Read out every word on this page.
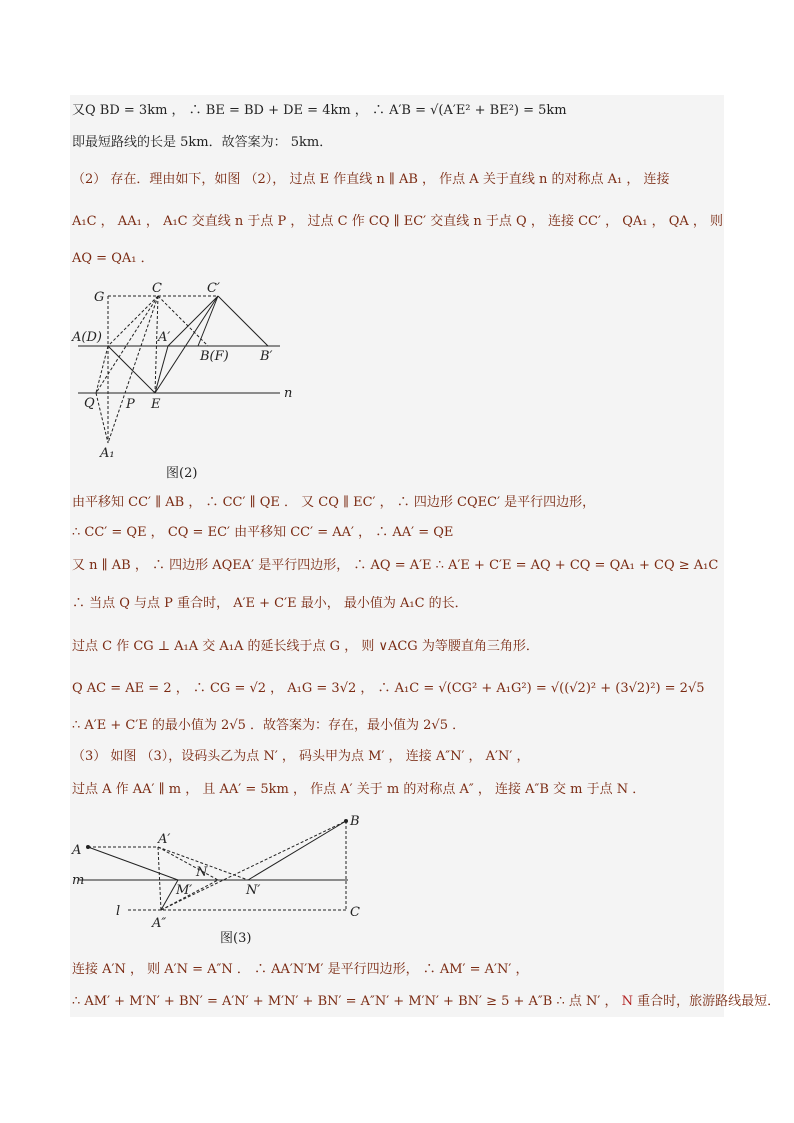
又Q BD = 3km ， ∴ BE = BD + DE = 4km ， ∴ A′B = √(A′E² + BE²) = 5km
即最短路线的长是 5km．故答案为： 5km．
（2） 存在．理由如下，如图 （2）， 过点 E 作直线 n ∥ AB ， 作点 A 关于直线 n 的对称点 A₁ ， 连接
A₁C ， AA₁ ， A₁C 交直线 n 于点 P ， 过点 C 作 CQ ∥ EC′ 交直线 n 于点 Q ， 连接 CC′ ， QA₁ ， QA ， 则
AQ = QA₁ ．
G
C	C′
A(D)	A′
B(F) B′
Q P E
n
A₁
图(2)
由平移知 CC′ ∥ AB ， ∴ CC′ ∥ QE ． 又 CQ ∥ EC′ ， ∴ 四边形 CQEC′ 是平行四边形，
∴ CC′ = QE ， CQ = EC′ 由平移知 CC′ = AA′ ， ∴ AA′ = QE
又 n ∥ AB ， ∴ 四边形 AQEA′ 是平行四边形， ∴ AQ = A′E ∴ A′E + C′E = AQ + CQ = QA₁ + CQ ≥ A₁C
∴ 当点 Q 与点 P 重合时， A′E + C′E 最小， 最小值为 A₁C 的长．
过点 C 作 CG ⊥ A₁A 交 A₁A 的延长线于点 G ， 则 ∨ACG 为等腰直角三角形．
Q AC = AE = 2 ， ∴ CG = √2 ， A₁G = 3√2 ， ∴ A₁C = √(CG² + A₁G²) = √((√2)² + (3√2)²) = 2√5
∴ A′E + C′E 的最小值为 2√5 ．故答案为：存在，最小值为 2√5 ．
（3） 如图 （3），设码头乙为点 N′ ， 码头甲为点 M′ ， 连接 A″N′ ， A′N′ ，
过点 A 作 AA′ ∥ m ， 且 AA′ = 5km ， 作点 A′ 关于 m 的对称点 A″ ， 连接 A″B 交 m 于点 N ．
A
A′
B
m
M′
N
N′
l
A″
C
图(3)
连接 A′N ， 则 A′N = A″N ． ∴ AA′N′M′ 是平行四边形， ∴ AM′ = A′N′ ，
∴ AM′ + M′N′ + BN′ = A′N′ + M′N′ + BN′ = A″N′ + M′N′ + BN′ ≥ 5 + A″B ∴ 点 N′ ， N 重合时，旅游路线最短．
